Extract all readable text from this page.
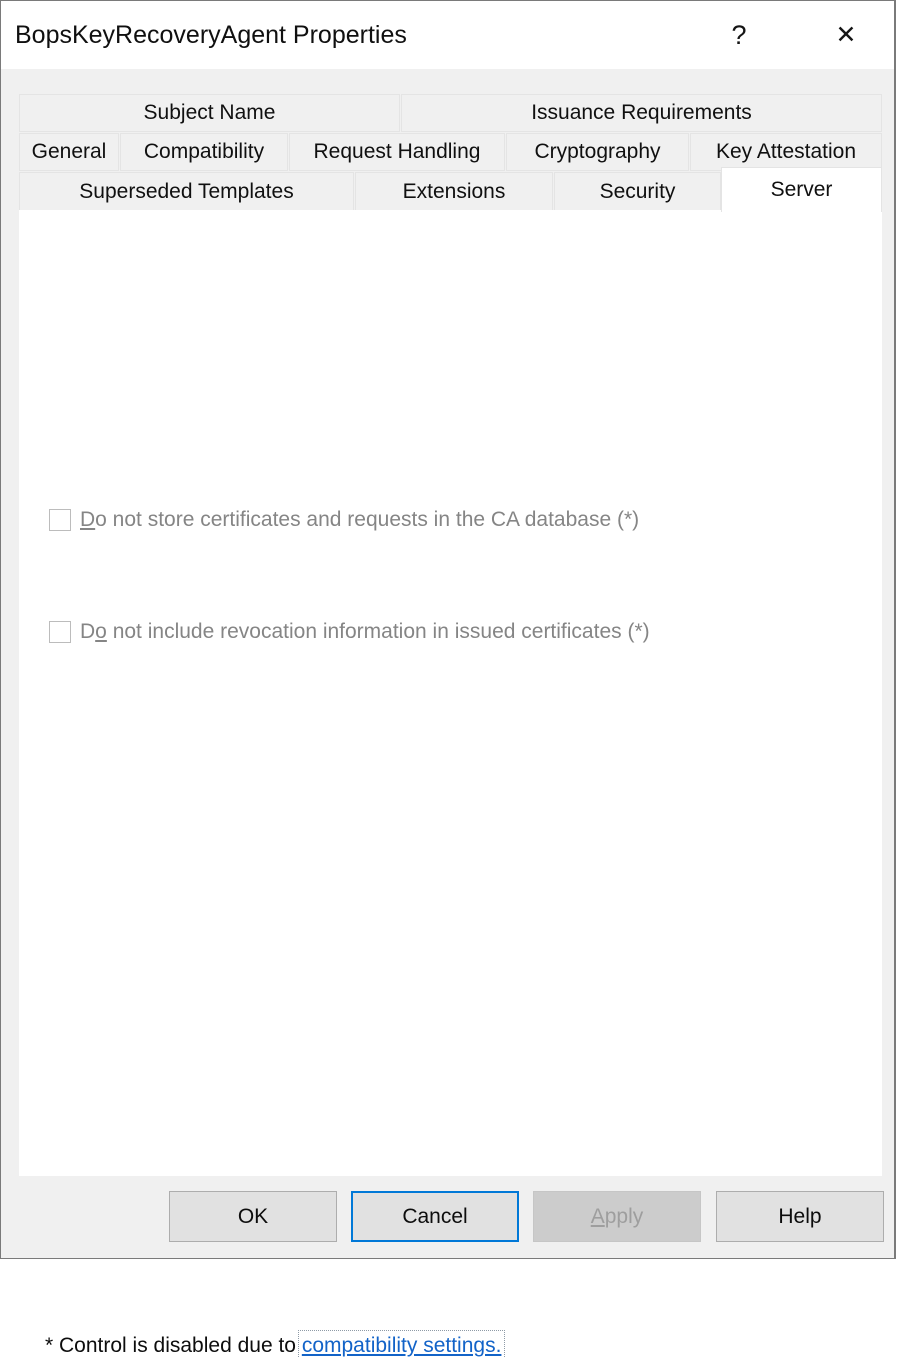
BopsKeyRecoveryAgent Properties	?	✕
Subject Name	Issuance Requirements
General	Compatibility	Request Handling	Cryptography	Key Attestation
Superseded Templates	Extensions	Security	Server
Do not store certificates and requests in the CA database (*)
Do not include revocation information in issued certificates (*)
* Control is disabled due to compatibility settings.
OK	Cancel	A pply	Help
